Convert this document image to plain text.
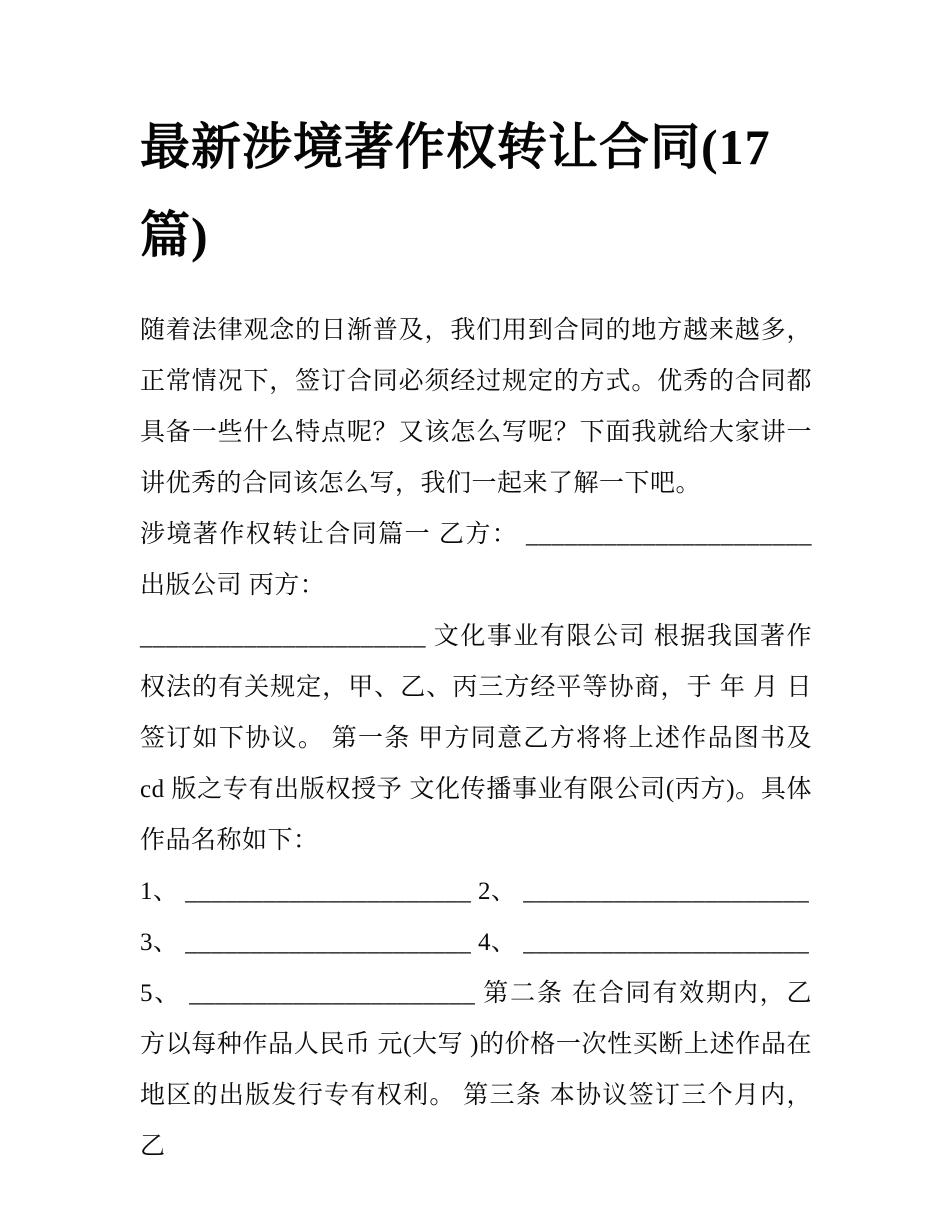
最新涉境著作权转让合同(17 篇)

随着法律观念的日渐普及，我们用到合同的地方越来越多，正常情况下，签订合同必须经过规定的方式。优秀的合同都具备一些什么特点呢？又该怎么写呢？下面我就给大家讲一讲优秀的合同该怎么写，我们一起来了解一下吧。

涉境著作权转让合同篇一 乙方： ______________________ 出版公司 丙方：

______________________ 文化事业有限公司 根据我国著作权法的有关规定，甲、乙、丙三方经平等协商，于 年 月 日签订如下协议。 第一条 甲方同意乙方将将上述作品图书及cd 版之专有出版权授予 文化传播事业有限公司(丙方)。具体作品名称如下：

1、 ______________________ 2、 ______________________

3、 ______________________ 4、 ______________________

5、 ______________________ 第二条 在合同有效期内，乙方以每种作品人民币 元(大写 )的价格一次性买断上述作品在地区的出版发行专有权利。 第三条 本协议签订三个月内，乙
